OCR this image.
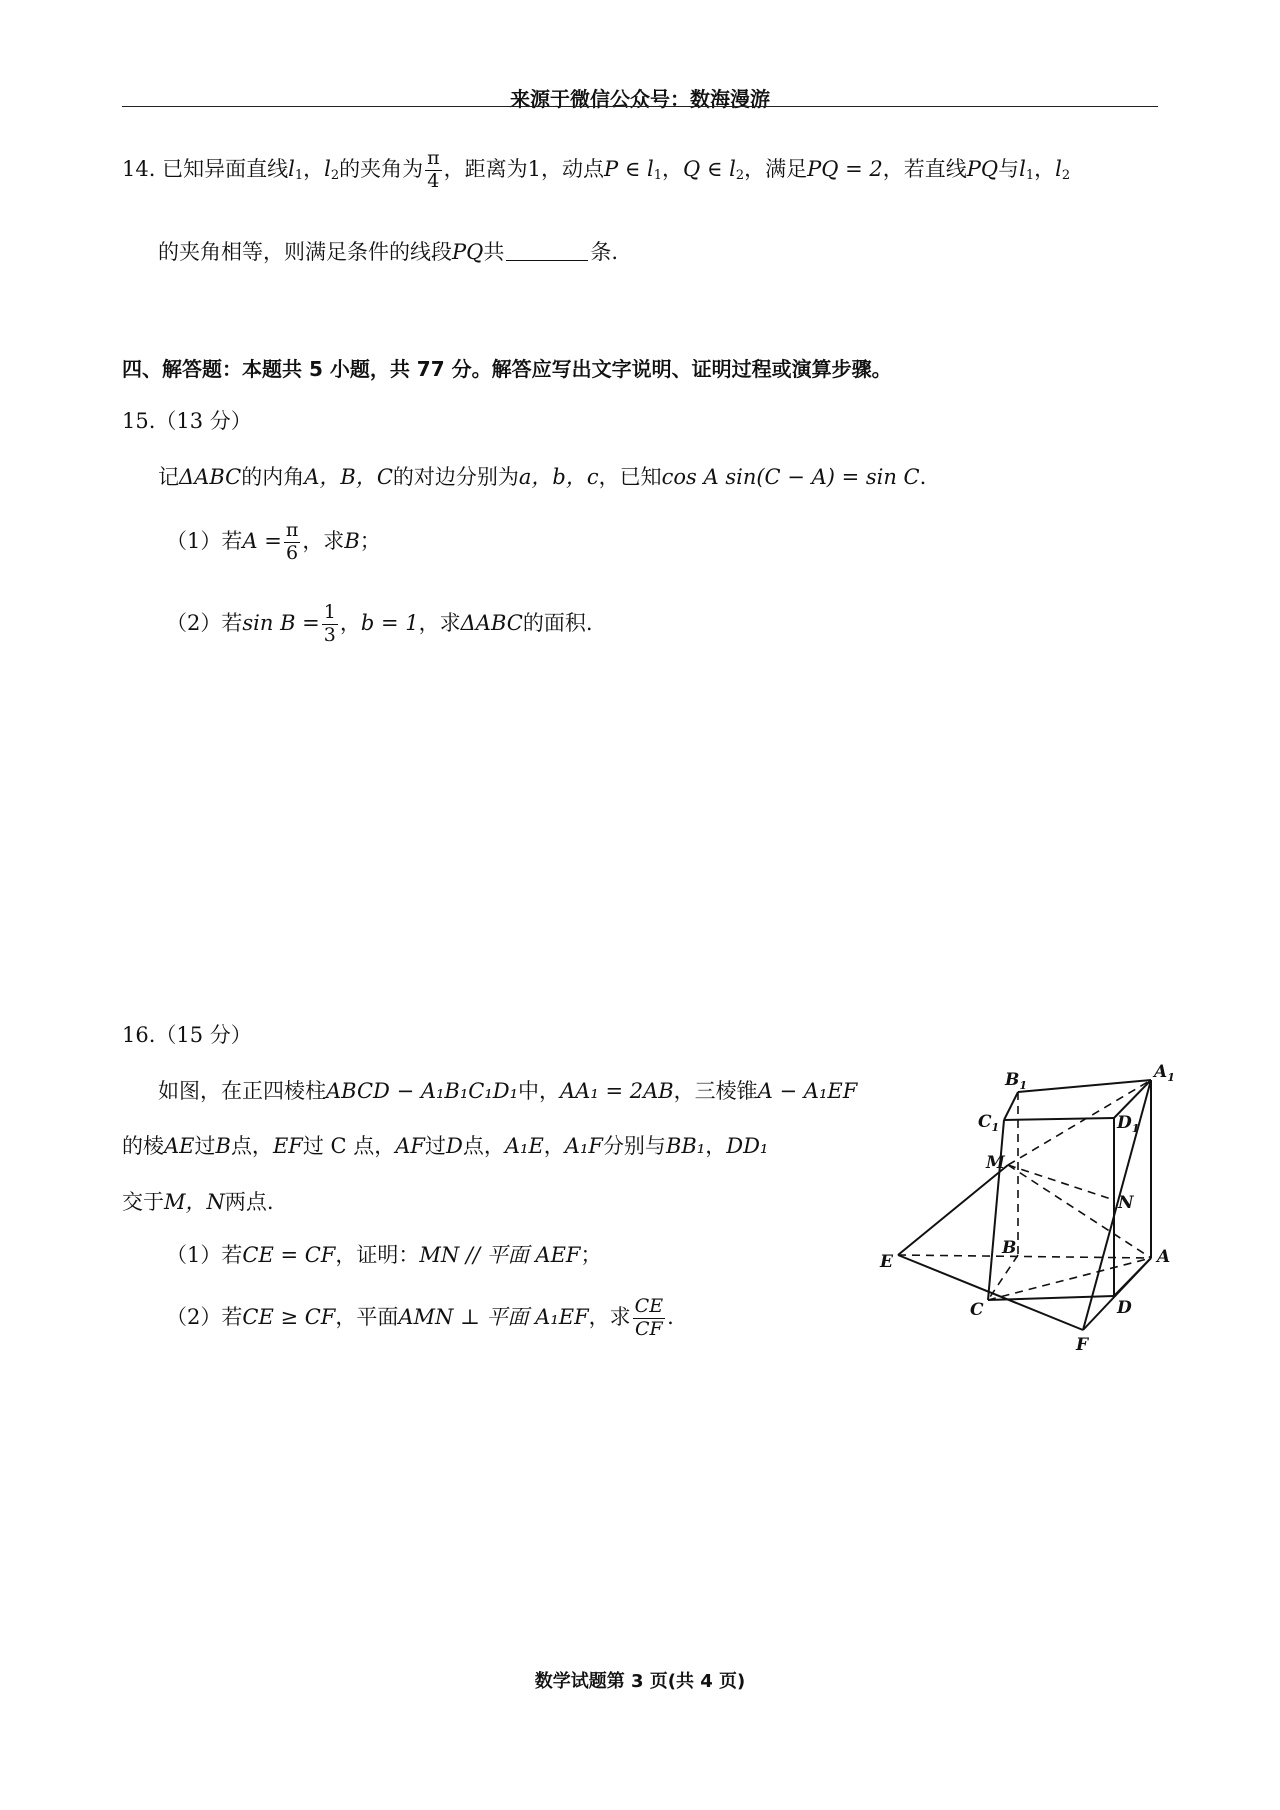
来源于微信公众号：数海漫游
14. 已知异面直线$l_1$，$l_2$的夹角为 $\frac{\pi}{4}$ ，距离为1，动点P ∈ $l_1$，Q ∈ $l_2$，满足PQ = 2，若直线PQ与$l_1$，$l_2$
的夹角相等，则满足条件的线段PQ共	条.
四、解答题：本题共 5 小题，共 77 分。解答应写出文字说明、证明过程或演算步骤。
15.（13 分）
记ΔABC的内角A，B，C的对边分别为a，b，c，已知cos A sin(C − A) = sin C.
（1）若$A = \frac{\pi}{6}$ ，求B；
（2）若$\sin B = \frac{1}{3}$ ，b = 1，求ΔABC的面积.
16.（15 分）
如图，在正四棱柱ABCD − A₁B₁C₁D₁中，AA₁ = 2AB，三棱锥A − A₁EF
的棱AE过B点，EF过 C 点，AF过D点，A₁E，A₁F分别与BB₁，DD₁
交于M，N两点.
（1）若CE = CF，证明：MN // 平面 AEF；
（2）若CE ≥ CF，平面AMN ⊥ 平面 A₁EF，求 $\frac{CE}{CF}$ .
$B_1$
$A_1$
$C_1$	$D_1$
M
N
B	A
E
C	D
F
数学试题第 3 页(共 4 页)
